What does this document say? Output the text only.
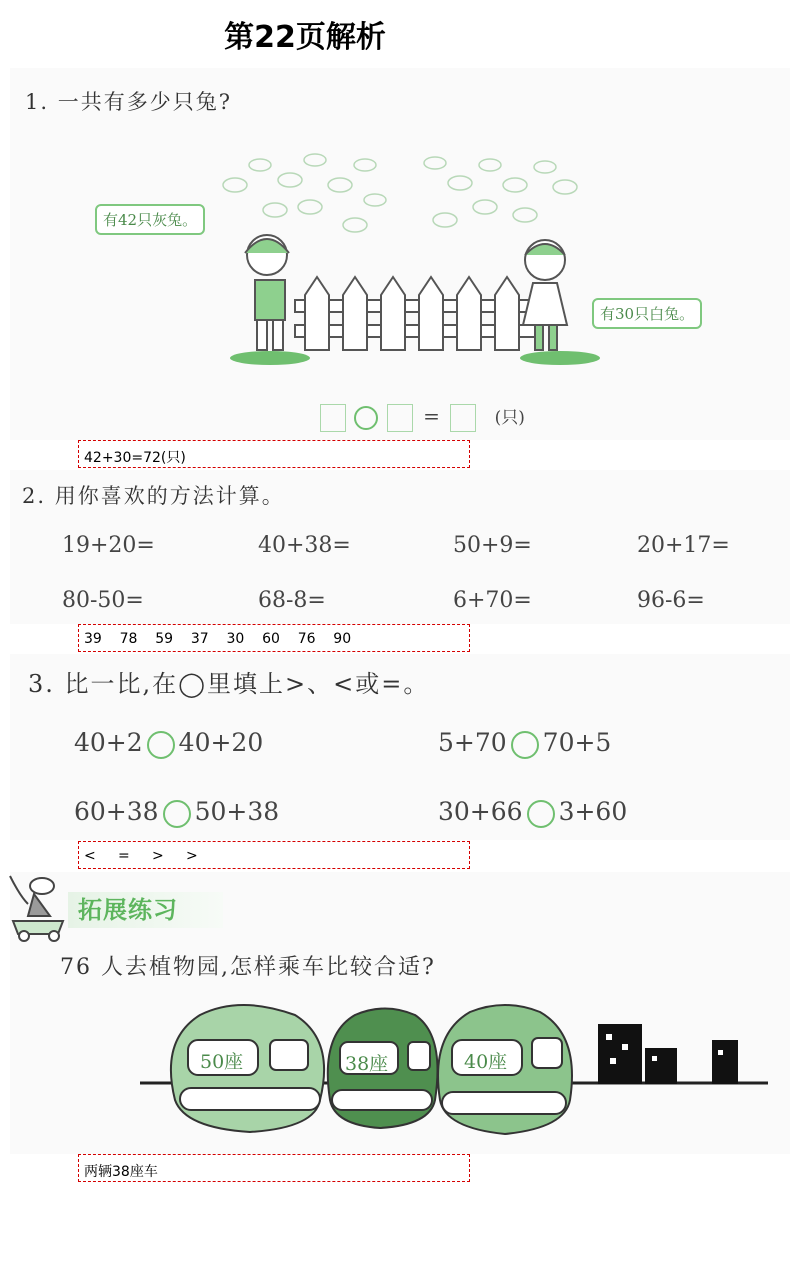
第22页解析
1. 一共有多少只兔?
有42只灰兔。
有30只白兔。
=	(只)
42+30=72(只)
2. 用你喜欢的方法计算。
19+20=	40+38=	50+9=	20+17=
80-50=	68-8=	6+70=	96-6=
39    78    59    37    30    60    76    90
3. 比一比,在◯里填上>、<或=。
40+2 40+20	5+70 70+5
60+38 50+38	30+66 3+60
<     =     >     >
拓展练习
76 人去植物园,怎样乘车比较合适?
50座	38座	40座
两辆38座车
